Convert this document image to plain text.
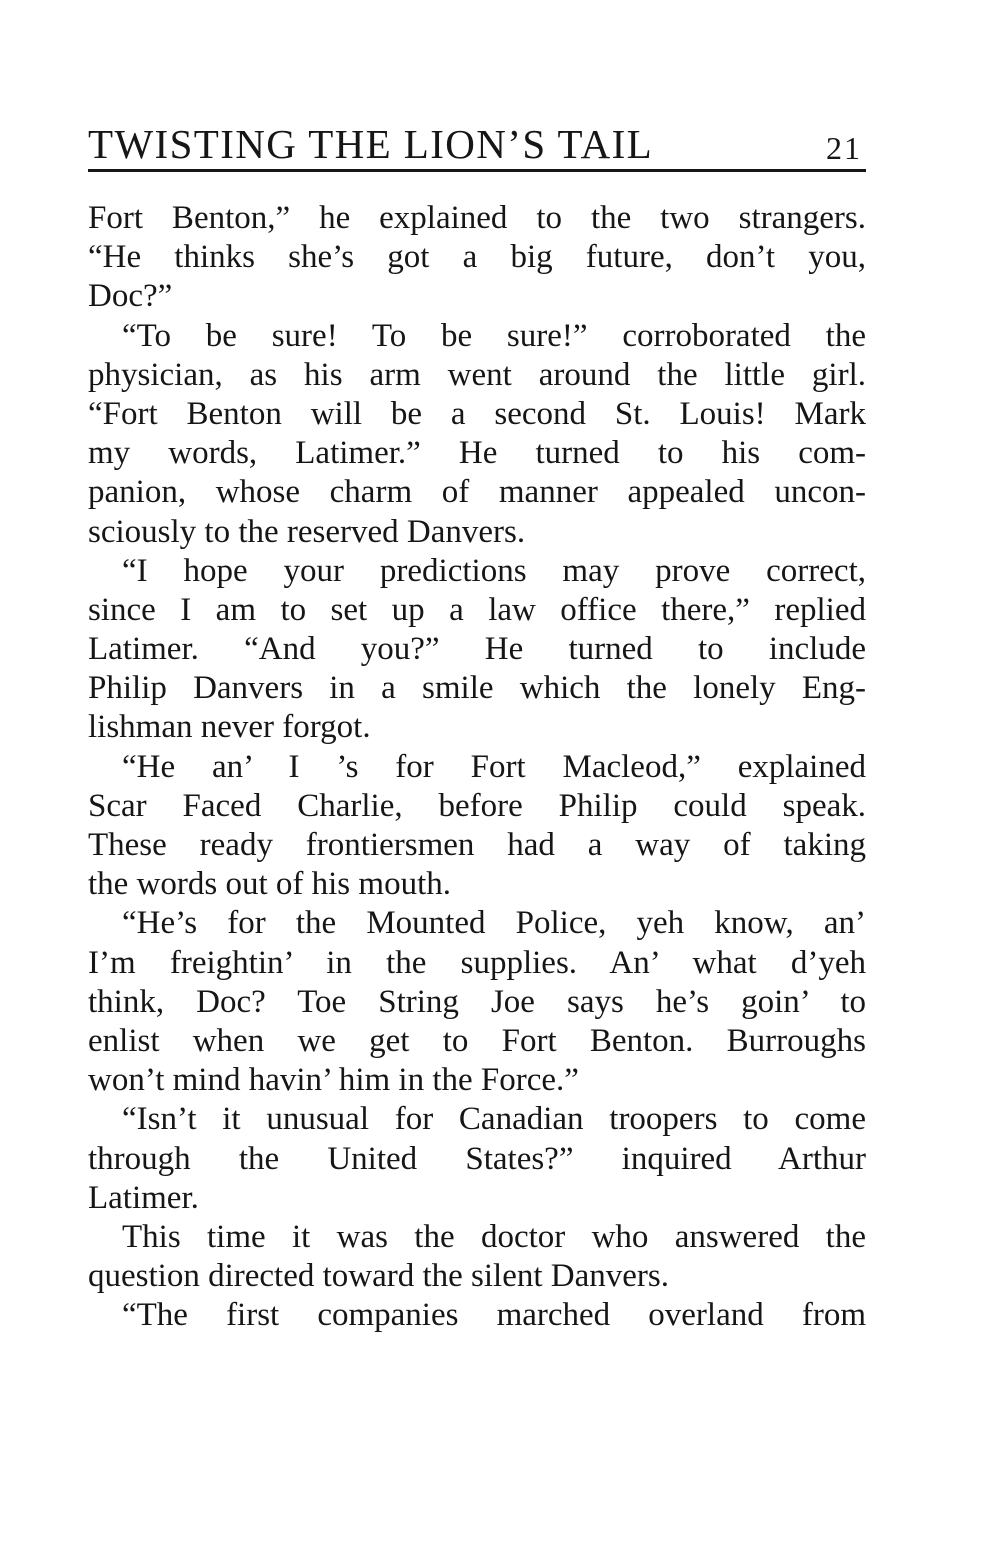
TWISTING THE LION’S TAIL	21
Fort Benton,” he explained to the two strangers.
“He thinks she’s got a big future, don’t you,
Doc?”
“To be sure! To be sure!” corroborated the
physician, as his arm went around the little girl.
“Fort Benton will be a second St. Louis! Mark
my words, Latimer.” He turned to his com-
panion, whose charm of manner appealed uncon-
sciously to the reserved Danvers.
“I hope your predictions may prove correct,
since I am to set up a law office there,” replied
Latimer. “And you?” He turned to include
Philip Danvers in a smile which the lonely Eng-
lishman never forgot.
“He an’ I ’s for Fort Macleod,” explained
Scar Faced Charlie, before Philip could speak.
These ready frontiersmen had a way of taking
the words out of his mouth.
“He’s for the Mounted Police, yeh know, an’
I’m freightin’ in the supplies. An’ what d’yeh
think, Doc? Toe String Joe says he’s goin’ to
enlist when we get to Fort Benton. Burroughs
won’t mind havin’ him in the Force.”
“Isn’t it unusual for Canadian troopers to come
through the United States?” inquired Arthur
Latimer.
This time it was the doctor who answered the
question directed toward the silent Danvers.
“The first companies marched overland from
